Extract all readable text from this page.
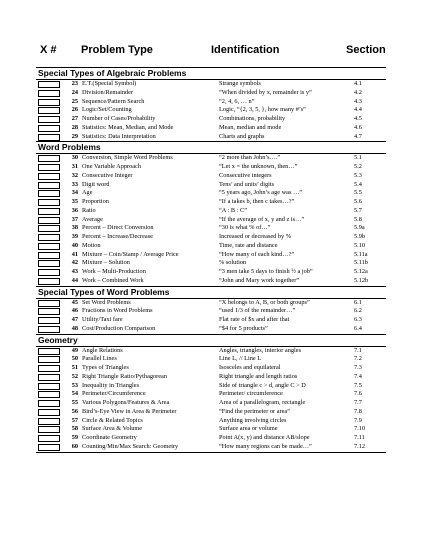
X # Problem Type	Identification	Section
Special Types of Algebraic Problems
23 E.T.(Special Symbol)	Strange symbols	4.1
24 Division/Remainder	“When divided by x, remainder is y”	4.2
25 Sequence/Pattern Search	“2, 4, 6, … n”	4.3
26 Logic/Set/Counting	Logic, “{2, 3, 5, }, how many #’s”	4.4
27 Number of Cases/Probability	Combinations, probability	4.5
28 Statistics: Mean, Median, and Mode	Mean, median and mode	4.6
29 Statistics: Data Interpretation	Charts and graphs	4.7
Word Problems
30 Conversion, Simple Word Problems	“2 more than John’s….”	5.1
31 One Variable Approach	“Let x = the unknown, then…”	5.2
32 Consecutive Integer	Consecutive integers	5.3
33 Digit word	Tens’ and units’ digits	5.4
34 Age	“5 years ago, John’s age was …”	5.5
35 Proportion	“If a takes b, then c takes…?”	5.6
36 Ratio	“A : B : C”	5.7
37 Average	“If the average of x, y and z is…”	5.8
38 Percent – Direct Conversion	“30 is what % of…”	5.9a
39 Percent – Increase/Decrease	Increased or decreased by %	5.9b
40 Motion	Time, rate and distance	5.10
41 Mixture – Coin/Stamp / Average Price	“How many of each kind…?”	5.11a
42 Mixture – Solution	% solution	5.11b
43 Work – Multi-Production	“3 men take 5 days to finish ½ a job”	5.12a
44 Work – Combined Work	“John and Mary work together”	5.12b
Special Types of Word Problems
45 Set Word Problems	“X belongs to A, B, or both groups”	6.1
46 Fractions in Word Problems	“used 1/3 of the remainder…”	6.2
47 Utility/Taxi fare	Flat rate of $x and after that	6.3
48 Cost/Production Comparison	“$4 for 5 products”	6.4
Geometry
49 Angle Relations	Angles, triangles, interior angles	7.1
50 Parallel Lines	Line L, // Line L	7.2
51 Types of Triangles	Isosceles and equilateral	7.3
52 Right Triangle Ratio/Pythagorean	Right triangle and length ratios	7.4
53 Inequality in Triangles	Side of triangle c > d, angle C > D	7.5
54 Perimeter/Circumference	Perimeter/ circumference	7.6
55 Various Polygons/Features & Area	Area of a parallelogram, rectangle	7.7
56 Bird’s-Eye View in Area & Perimeter	“Find the perimeter or area”	7.8
57 Circle & Related Topics	Anything involving circles	7.9
58 Surface Area & Volume	Surface area or volume	7.10
59 Coordinate Geometry	Point A(x, y) and distance AB/slope	7.11
60 Counting/Min/Max Search: Geometry	“How many regions can be made…”	7.12
